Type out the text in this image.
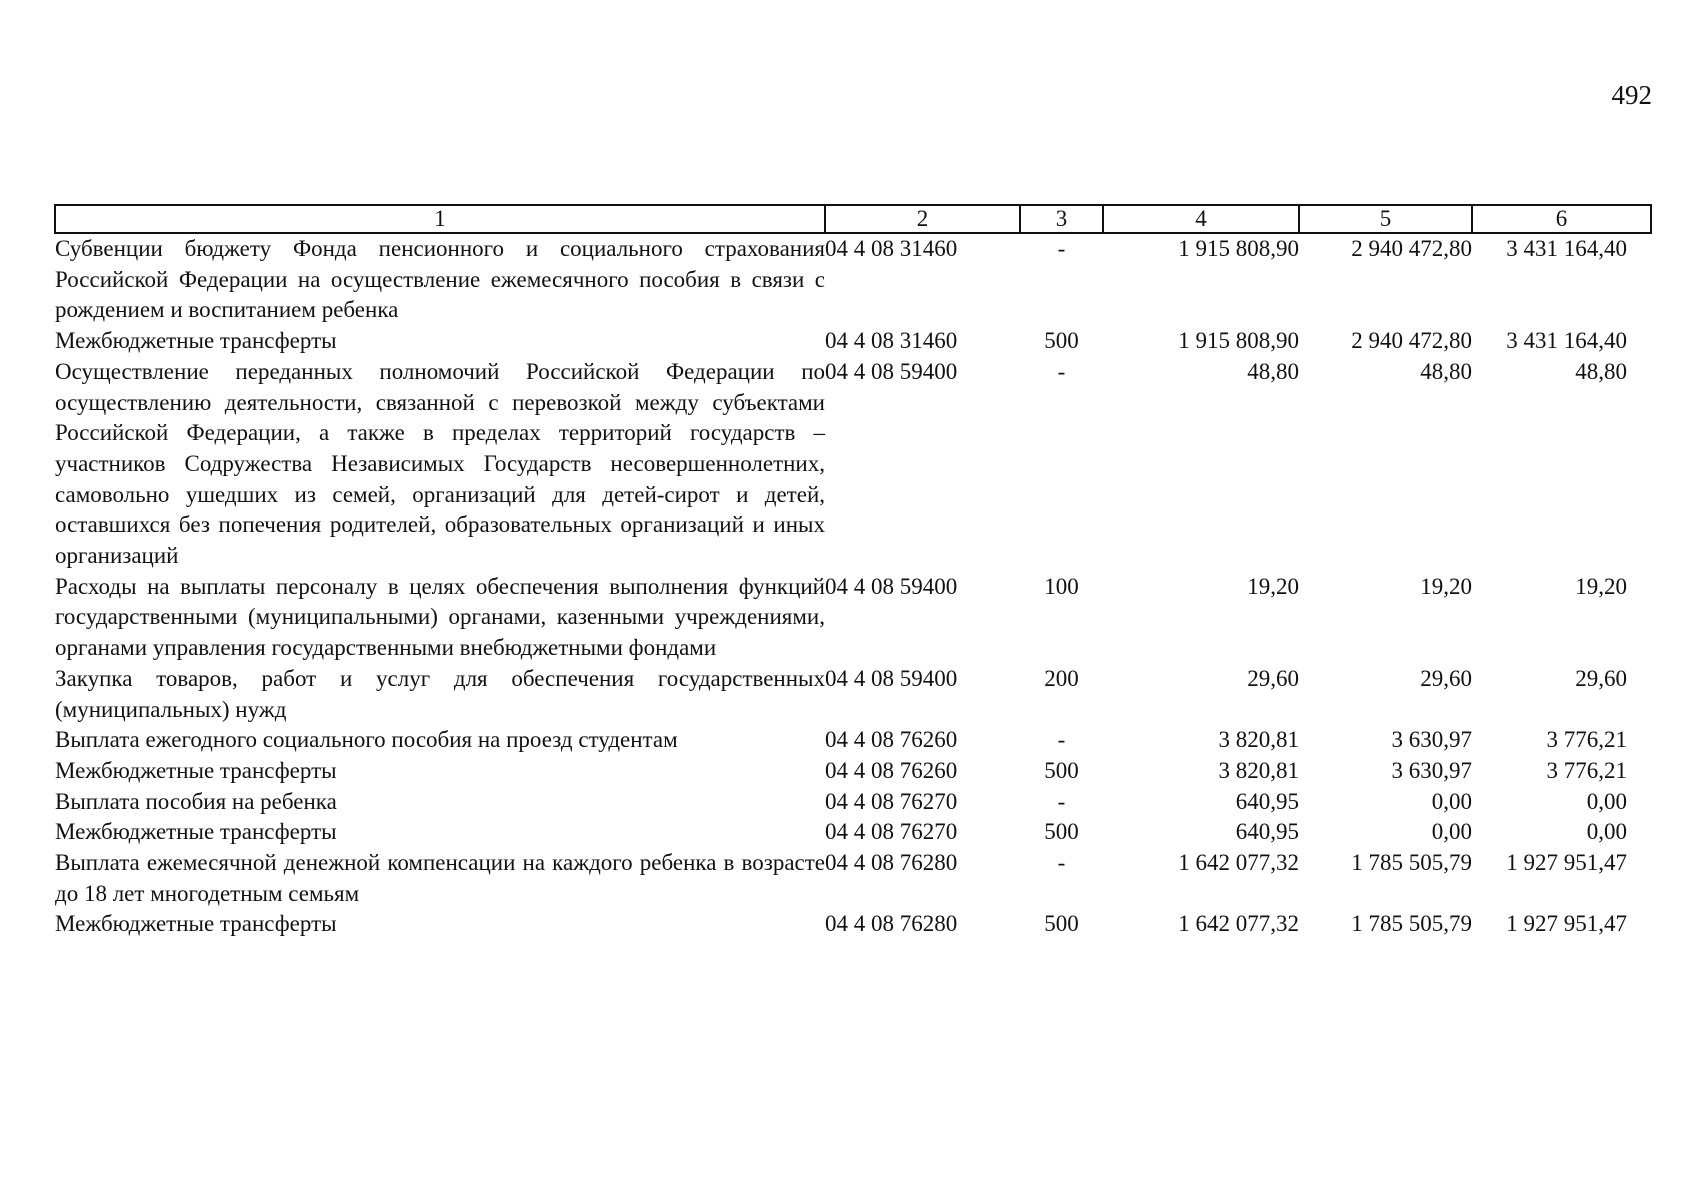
492
1	2	3	4	5	6
Субвенции бюджету Фонда пенсионного и социального страхования Российской Федерации на осуществление ежемесячного пособия в связи с рождением и воспитанием ребенка	04 4 08 31460	-	1 915 808,90	2 940 472,80	3 431 164,40
Межбюджетные трансферты	04 4 08 31460	500	1 915 808,90	2 940 472,80	3 431 164,40
Осуществление переданных полномочий Российской Федерации по осуществлению деятельности, связанной с перевозкой между субъектами Российской Федерации, а также в пределах территорий государств – участников Содружества Независимых Государств несовершеннолетних, самовольно ушедших из семей, организаций для детей-сирот и детей, оставшихся без попечения родителей, образовательных организаций и иных организаций	04 4 08 59400	-	48,80	48,80	48,80
Расходы на выплаты персоналу в целях обеспечения выполнения функций государственными (муниципальными) органами, казенными учреждениями, органами управления государственными внебюджетными фондами	04 4 08 59400	100	19,20	19,20	19,20
Закупка товаров, работ и услуг для обеспечения государственных (муниципальных) нужд	04 4 08 59400	200	29,60	29,60	29,60
Выплата ежегодного социального пособия на проезд студентам	04 4 08 76260	-	3 820,81	3 630,97	3 776,21
Межбюджетные трансферты	04 4 08 76260	500	3 820,81	3 630,97	3 776,21
Выплата пособия на ребенка	04 4 08 76270	-	640,95	0,00	0,00
Межбюджетные трансферты	04 4 08 76270	500	640,95	0,00	0,00
Выплата ежемесячной денежной компенсации на каждого ребенка в возрасте до 18 лет многодетным семьям	04 4 08 76280	-	1 642 077,32	1 785 505,79	1 927 951,47
Межбюджетные трансферты	04 4 08 76280	500	1 642 077,32	1 785 505,79	1 927 951,47
